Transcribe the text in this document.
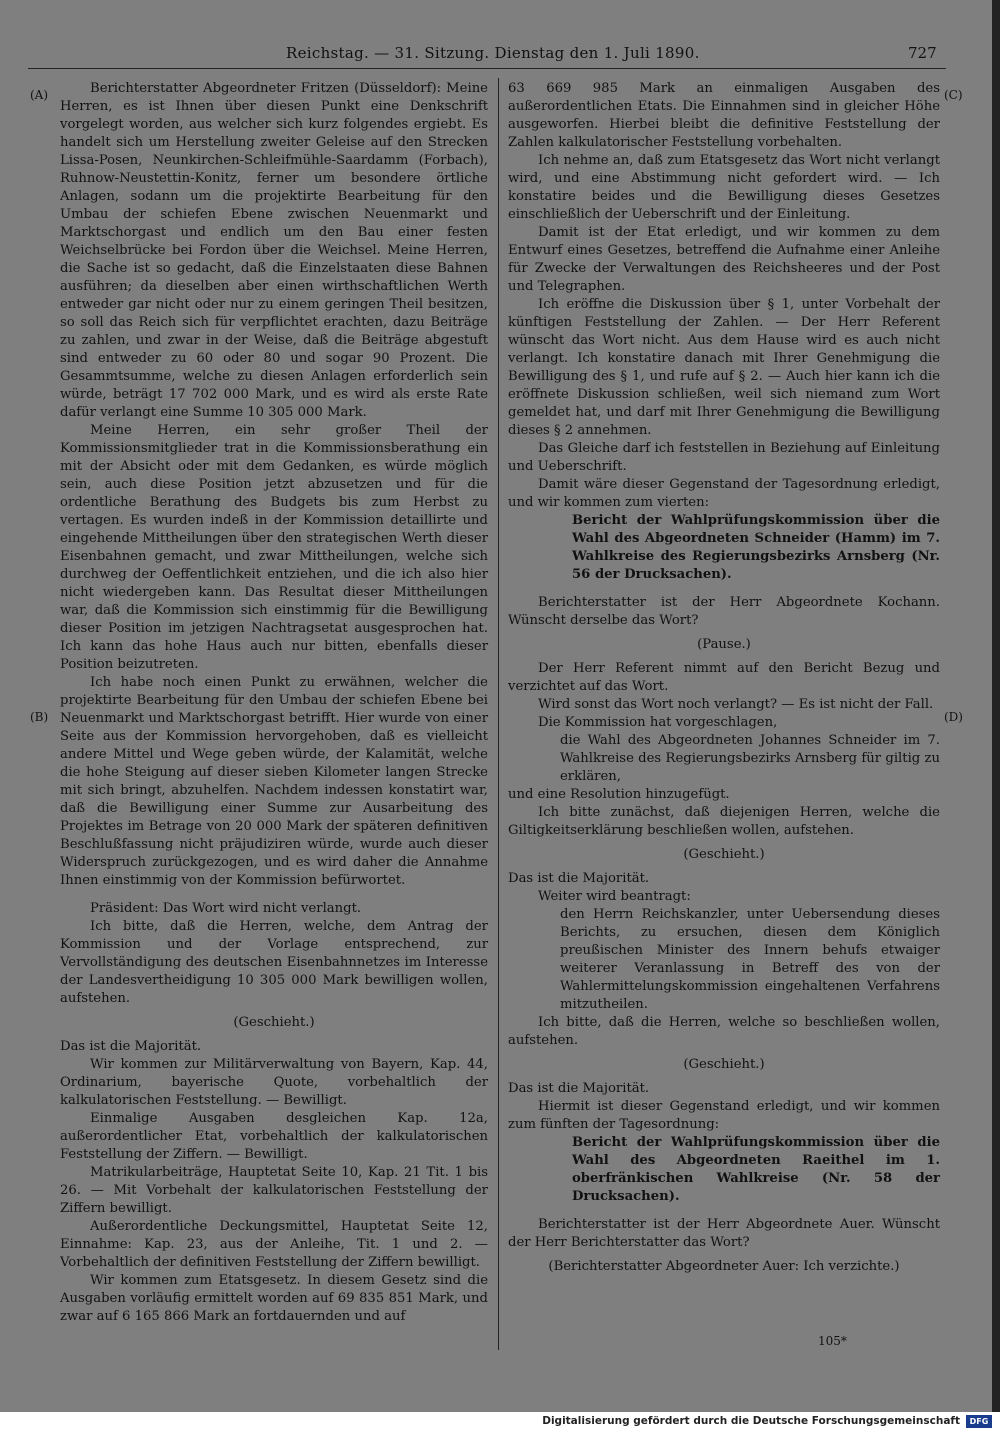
Reichstag. — 31. Sitzung. Dienstag den 1. Juli 1890.	727
(A)
(B)
(C)
(D)

Berichterstatter Abgeordneter Fritzen (Düsseldorf): Meine Herren, es ist Ihnen über diesen Punkt eine Denkschrift vorgelegt worden, aus welcher sich kurz folgendes ergiebt. Es handelt sich um Herstellung zweiter Geleise auf den Strecken Lissa-Posen, Neunkirchen-Schleifmühle-Saardamm (Forbach), Ruhnow-Neustettin-Konitz, ferner um besondere örtliche Anlagen, sodann um die projektirte Bearbeitung für den Umbau der schiefen Ebene zwischen Neuenmarkt und Marktschorgast und endlich um den Bau einer festen Weichselbrücke bei Fordon über die Weichsel. Meine Herren, die Sache ist so gedacht, daß die Einzelstaaten diese Bahnen ausführen; da dieselben aber einen wirthschaftlichen Werth entweder gar nicht oder nur zu einem geringen Theil besitzen, so soll das Reich sich für verpflichtet erachten, dazu Beiträge zu zahlen, und zwar in der Weise, daß die Beiträge abgestuft sind entweder zu 60 oder 80 und sogar 90 Prozent. Die Gesammtsumme, welche zu diesen Anlagen erforderlich sein würde, beträgt 17 702 000 Mark, und es wird als erste Rate dafür verlangt eine Summe 10 305 000 Mark.

Meine Herren, ein sehr großer Theil der Kommissionsmitglieder trat in die Kommissionsberathung ein mit der Absicht oder mit dem Gedanken, es würde möglich sein, auch diese Position jetzt abzusetzen und für die ordentliche Berathung des Budgets bis zum Herbst zu vertagen. Es wurden indeß in der Kommission detaillirte und eingehende Mittheilungen über den strategischen Werth dieser Eisenbahnen gemacht, und zwar Mittheilungen, welche sich durchweg der Oeffentlichkeit entziehen, und die ich also hier nicht wiedergeben kann. Das Resultat dieser Mittheilungen war, daß die Kommission sich einstimmig für die Bewilligung dieser Position im jetzigen Nachtragsetat ausgesprochen hat. Ich kann das hohe Haus auch nur bitten, ebenfalls dieser Position beizutreten.

Ich habe noch einen Punkt zu erwähnen, welcher die projektirte Bearbeitung für den Umbau der schiefen Ebene bei Neuenmarkt und Marktschorgast betrifft. Hier wurde von einer Seite aus der Kommission hervorgehoben, daß es vielleicht andere Mittel und Wege geben würde, der Kalamität, welche die hohe Steigung auf dieser sieben Kilometer langen Strecke mit sich bringt, abzuhelfen. Nachdem indessen konstatirt war, daß die Bewilligung einer Summe zur Ausarbeitung des Projektes im Betrage von 20 000 Mark der späteren definitiven Beschlußfassung nicht präjudiziren würde, wurde auch dieser Widerspruch zurückgezogen, und es wird daher die Annahme Ihnen einstimmig von der Kommission befürwortet.

Präsident: Das Wort wird nicht verlangt.

Ich bitte, daß die Herren, welche, dem Antrag der Kommission und der Vorlage entsprechend, zur Vervollständigung des deutschen Eisenbahnnetzes im Interesse der Landesvertheidigung 10 305 000 Mark bewilligen wollen, aufstehen.

(Geschieht.)

Das ist die Majorität.

Wir kommen zur Militärverwaltung von Bayern, Kap. 44, Ordinarium, bayerische Quote, vorbehaltlich der kalkulatorischen Feststellung. — Bewilligt.

Einmalige Ausgaben desgleichen Kap. 12a, außerordentlicher Etat, vorbehaltlich der kalkulatorischen Feststellung der Ziffern. — Bewilligt.

Matrikularbeiträge, Hauptetat Seite 10, Kap. 21 Tit. 1 bis 26. — Mit Vorbehalt der kalkulatorischen Feststellung der Ziffern bewilligt.

Außerordentliche Deckungsmittel, Hauptetat Seite 12, Einnahme: Kap. 23, aus der Anleihe, Tit. 1 und 2. — Vorbehaltlich der definitiven Feststellung der Ziffern bewilligt.

Wir kommen zum Etatsgesetz. In diesem Gesetz sind die Ausgaben vorläufig ermittelt worden auf 69 835 851 Mark, und zwar auf 6 165 866 Mark an fortdauernden und auf

63 669 985 Mark an einmaligen Ausgaben des außerordentlichen Etats. Die Einnahmen sind in gleicher Höhe ausgeworfen. Hierbei bleibt die definitive Feststellung der Zahlen kalkulatorischer Feststellung vorbehalten.

Ich nehme an, daß zum Etatsgesetz das Wort nicht verlangt wird, und eine Abstimmung nicht gefordert wird. — Ich konstatire beides und die Bewilligung dieses Gesetzes einschließlich der Ueberschrift und der Einleitung.

Damit ist der Etat erledigt, und wir kommen zu dem Entwurf eines Gesetzes, betreffend die Aufnahme einer Anleihe für Zwecke der Verwaltungen des Reichsheeres und der Post und Telegraphen.

Ich eröffne die Diskussion über § 1, unter Vorbehalt der künftigen Feststellung der Zahlen. — Der Herr Referent wünscht das Wort nicht. Aus dem Hause wird es auch nicht verlangt. Ich konstatire danach mit Ihrer Genehmigung die Bewilligung des § 1, und rufe auf § 2. — Auch hier kann ich die eröffnete Diskussion schließen, weil sich niemand zum Wort gemeldet hat, und darf mit Ihrer Genehmigung die Bewilligung dieses § 2 annehmen.

Das Gleiche darf ich feststellen in Beziehung auf Einleitung und Ueberschrift.

Damit wäre dieser Gegenstand der Tagesordnung erledigt, und wir kommen zum vierten:

Bericht der Wahlprüfungskommission über die Wahl des Abgeordneten Schneider (Hamm) im 7. Wahlkreise des Regierungsbezirks Arnsberg (Nr. 56 der Drucksachen).

Berichterstatter ist der Herr Abgeordnete Kochann. Wünscht derselbe das Wort?

(Pause.)

Der Herr Referent nimmt auf den Bericht Bezug und verzichtet auf das Wort.

Wird sonst das Wort noch verlangt? — Es ist nicht der Fall.

Die Kommission hat vorgeschlagen,

die Wahl des Abgeordneten Johannes Schneider im 7. Wahlkreise des Regierungsbezirks Arnsberg für giltig zu erklären,

und eine Resolution hinzugefügt.

Ich bitte zunächst, daß diejenigen Herren, welche die Giltigkeitserklärung beschließen wollen, aufstehen.

(Geschieht.)

Das ist die Majorität.

Weiter wird beantragt:

den Herrn Reichskanzler, unter Uebersendung dieses Berichts, zu ersuchen, diesen dem Königlich preußischen Minister des Innern behufs etwaiger weiterer Veranlassung in Betreff des von der Wahlermittelungskommission eingehaltenen Verfahrens mitzutheilen.

Ich bitte, daß die Herren, welche so beschließen wollen, aufstehen.

(Geschieht.)

Das ist die Majorität.

Hiermit ist dieser Gegenstand erledigt, und wir kommen zum fünften der Tagesordnung:

Bericht der Wahlprüfungskommission über die Wahl des Abgeordneten Raeithel im 1. oberfränkischen Wahlkreise (Nr. 58 der Drucksachen).

Berichterstatter ist der Herr Abgeordnete Auer. Wünscht der Herr Berichterstatter das Wort?

(Berichterstatter Abgeordneter Auer: Ich verzichte.)

105*
Digitalisierung gefördert durch die Deutsche Forschungsgemeinschaft	DFG
